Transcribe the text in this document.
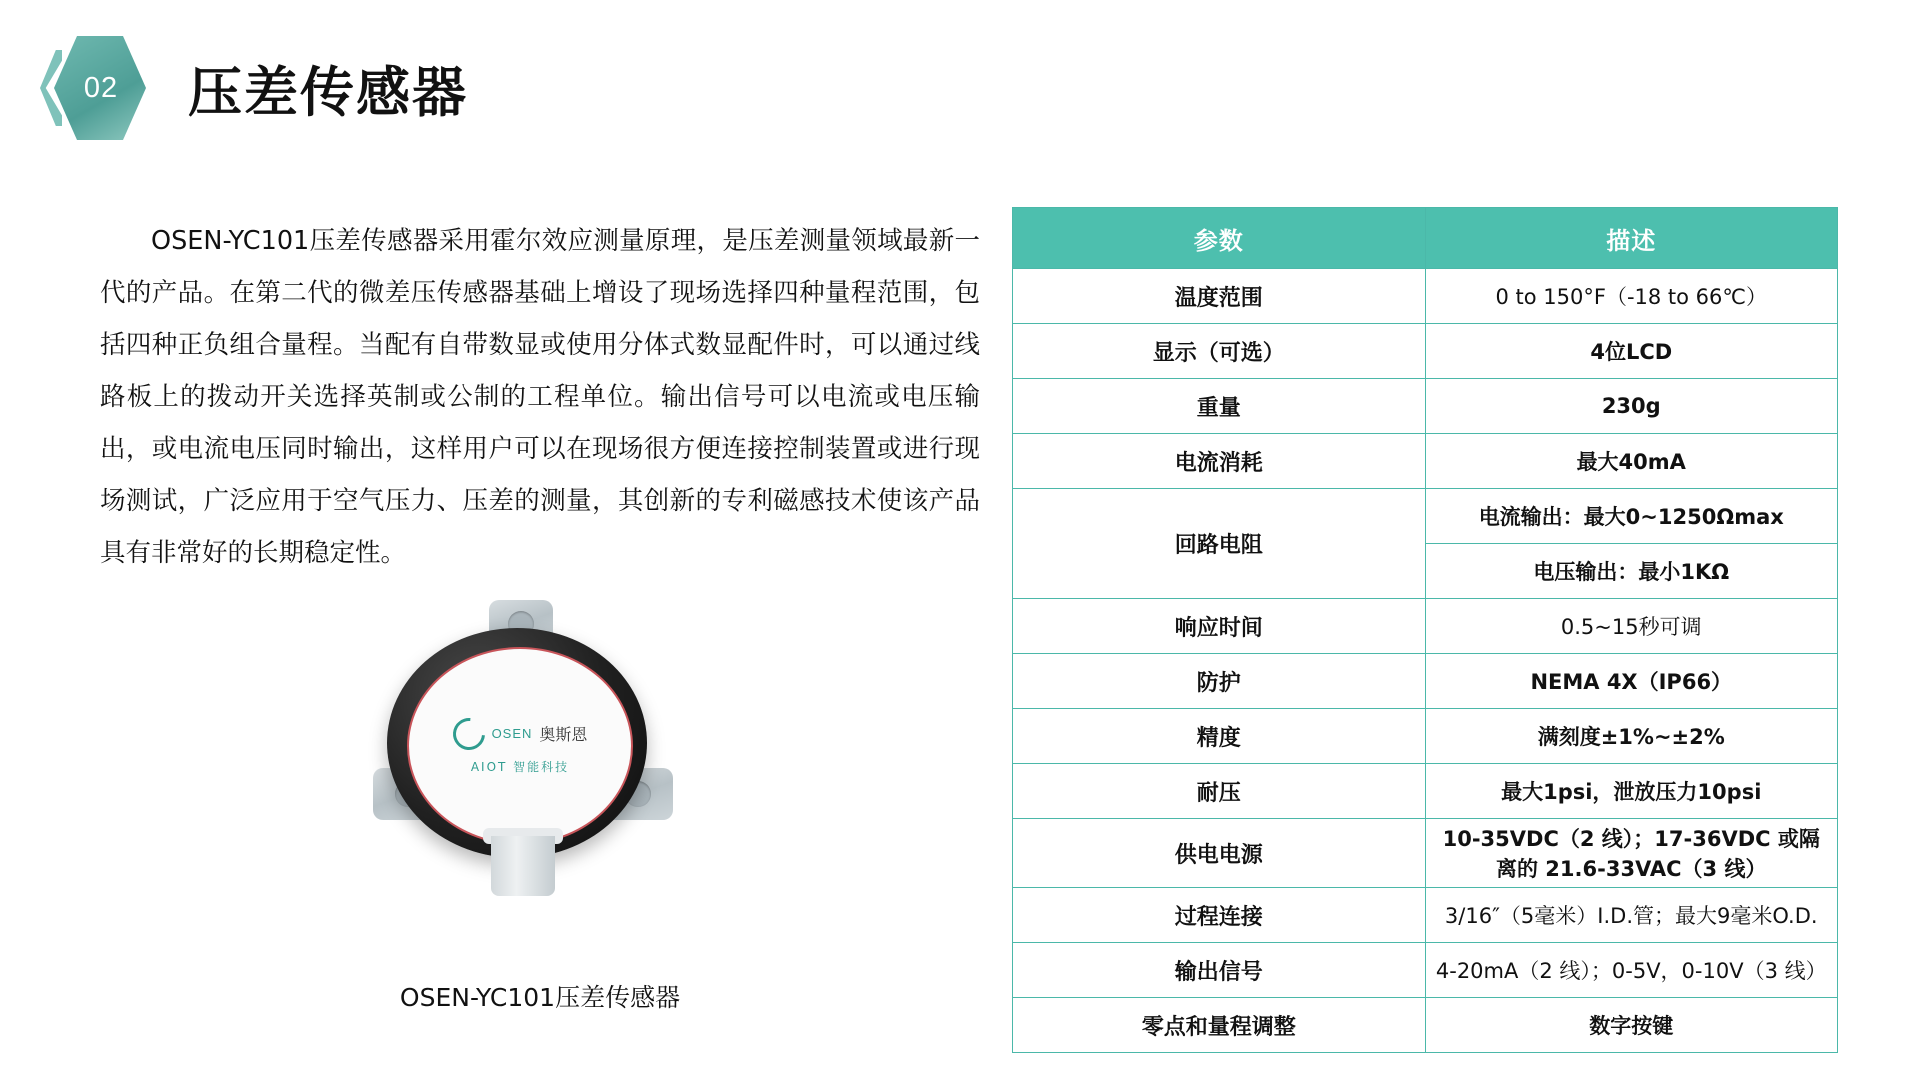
02 压差传感器
OSEN-YC101压差传感器采用霍尔效应测量原理，是压差测量领域最新一代的产品。在第二代的微差压传感器基础上增设了现场选择四种量程范围，包括四种正负组合量程。当配有自带数显或使用分体式数显配件时，可以通过线路板上的拨动开关选择英制或公制的工程单位。输出信号可以电流或电压输出，或电流电压同时输出，这样用户可以在现场很方便连接控制装置或进行现场测试，广泛应用于空气压力、压差的测量，其创新的专利磁感技术使该产品具有非常好的长期稳定性。
OSEN 奥斯恩
AIOT 智能科技
OSEN-YC101压差传感器
参数	描述
温度范围	0 to 150°F（-18 to 66℃）
显示（可选）	4位LCD
重量	230g
电流消耗	最大40mA
回路电阻	电流输出：最大0~1250Ωmax
	电压输出：最小1KΩ
响应时间	0.5~15秒可调
防护	NEMA 4X（IP66）
精度	满刻度±1%~±2%
耐压	最大1psi，泄放压力10psi
供电电源	10-35VDC（2 线）；17-36VDC 或隔离的 21.6-33VAC（3 线）
过程连接	3/16″（5毫米）I.D.管；最大9毫米O.D.
输出信号	4-20mA（2 线）；0-5V，0-10V（3 线）
零点和量程调整	数字按键
